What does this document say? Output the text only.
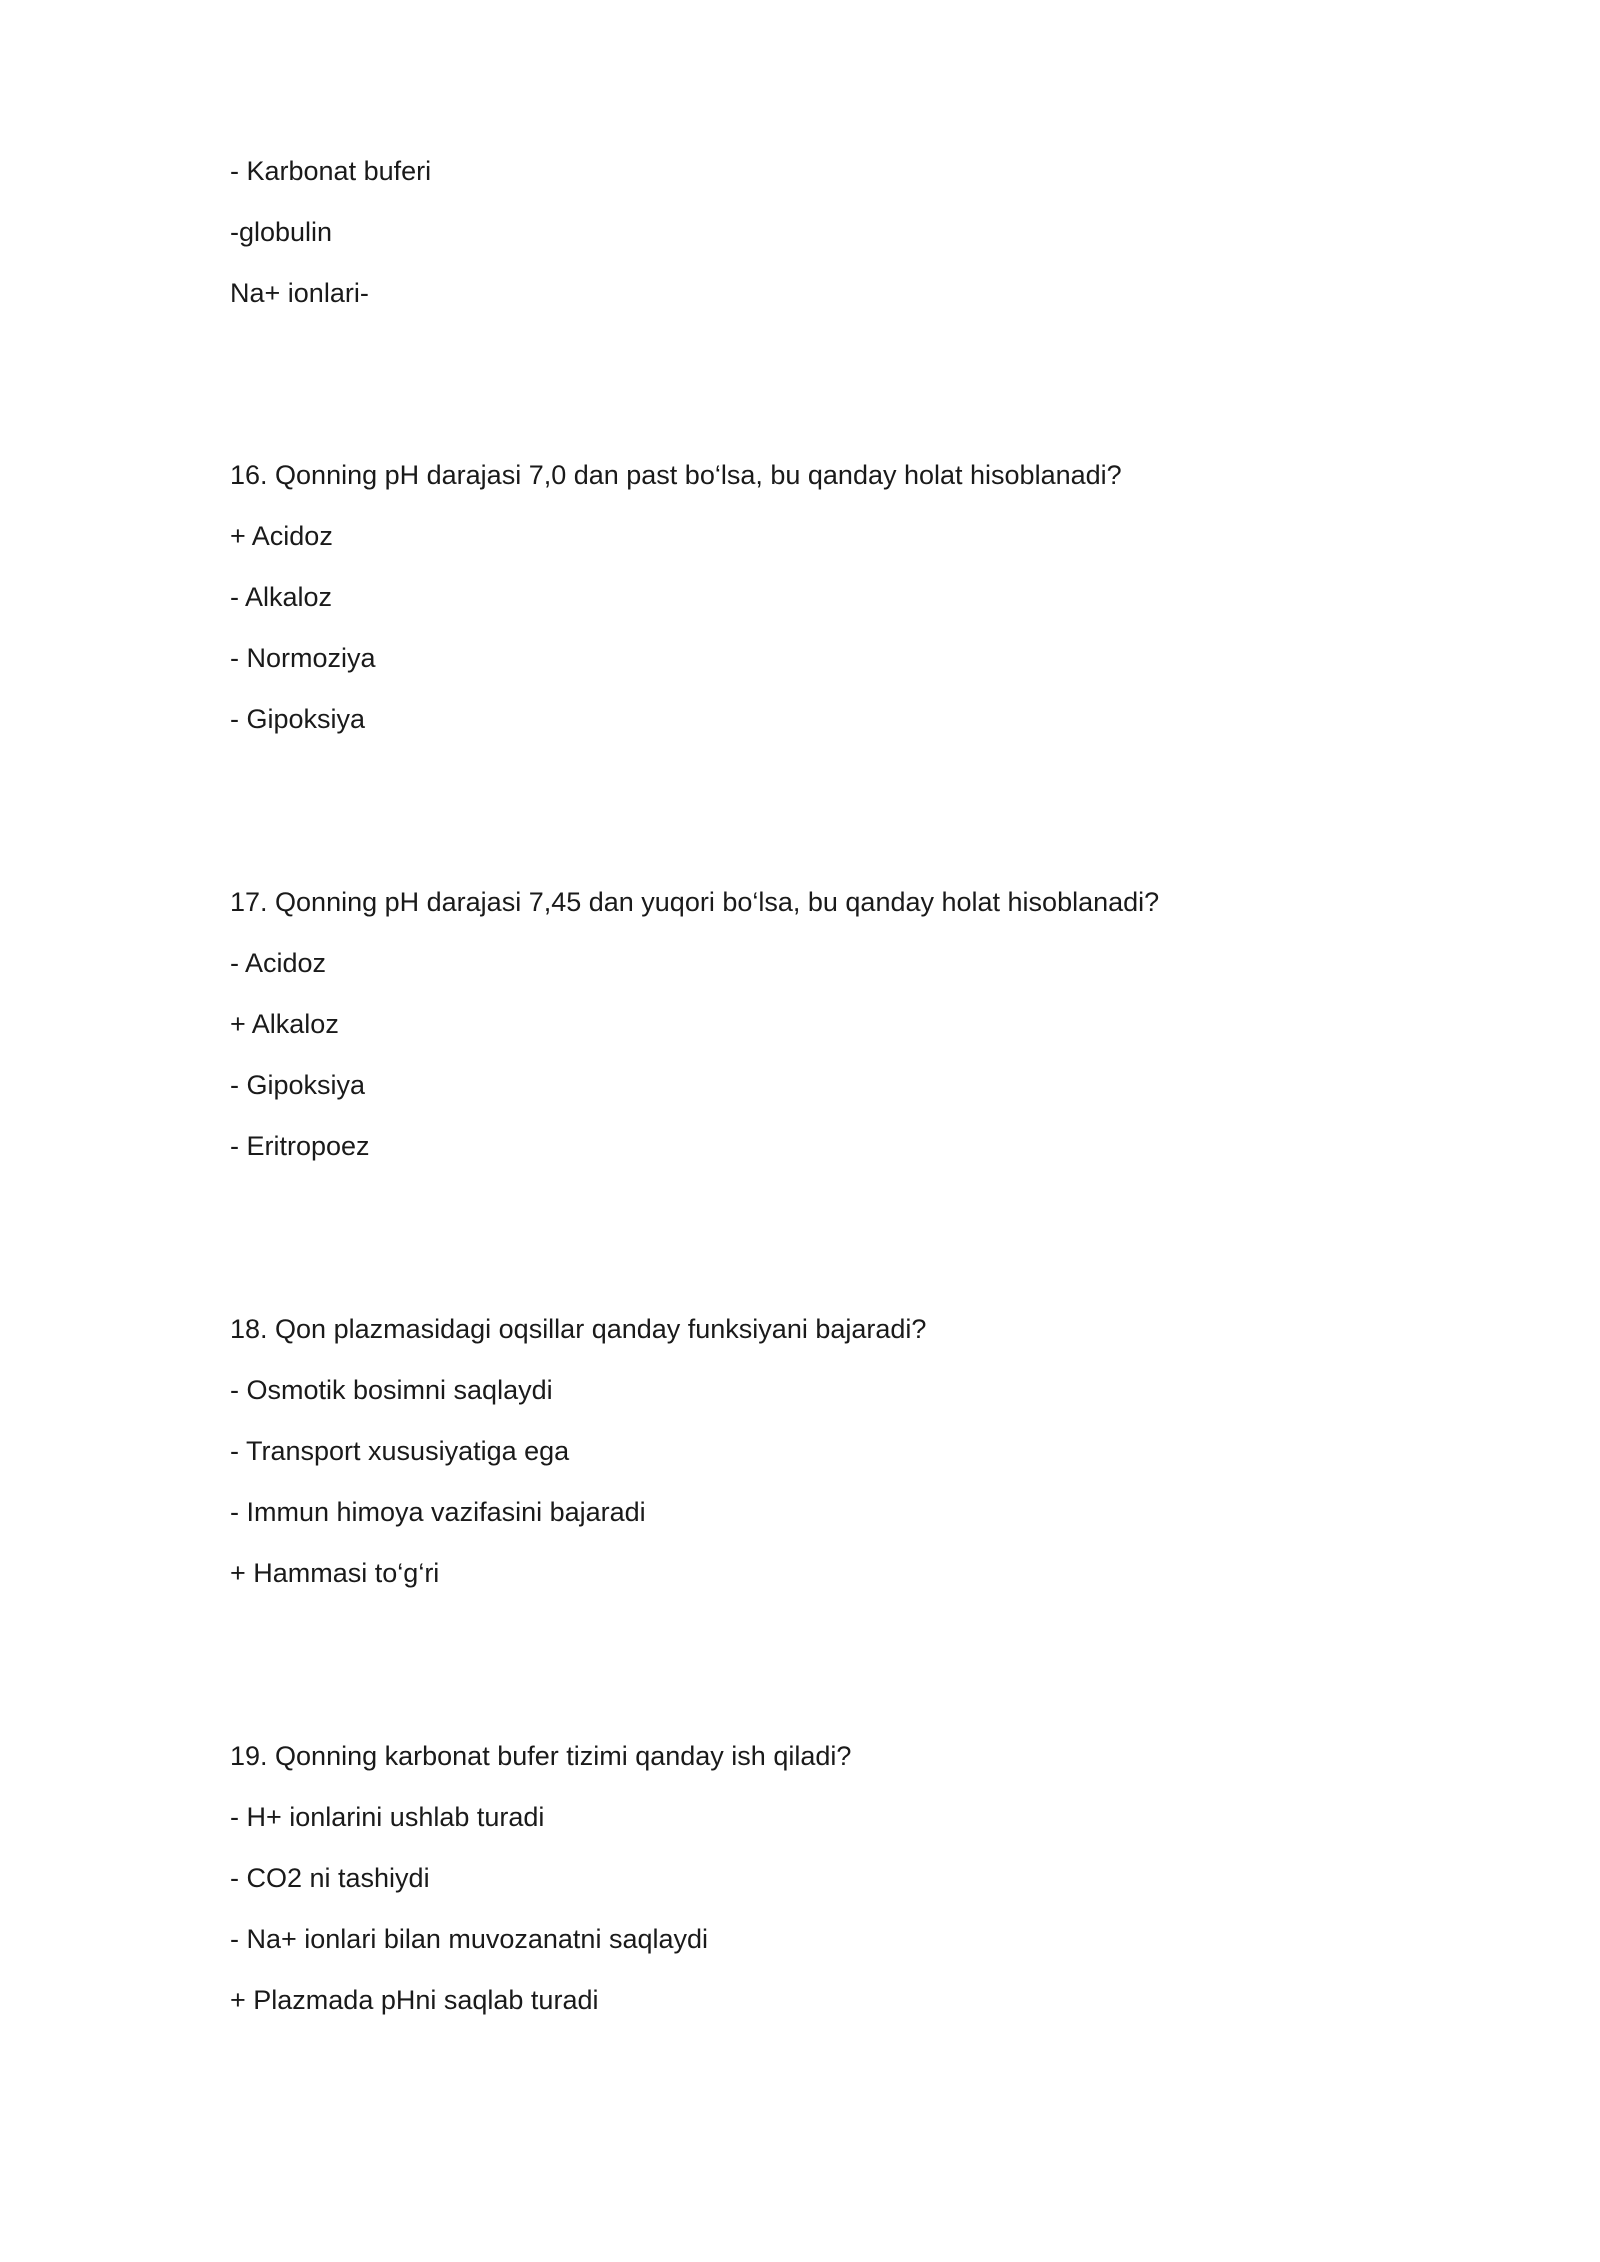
- Karbonat buferi
-globulin
Na+ ionlari-
16. Qonning pH darajasi 7,0 dan past bo‘lsa, bu qanday holat hisoblanadi?
+ Acidoz
- Alkaloz
- Normoziya
- Gipoksiya
17. Qonning pH darajasi 7,45 dan yuqori bo‘lsa, bu qanday holat hisoblanadi?
- Acidoz
+ Alkaloz
- Gipoksiya
- Eritropoez
18. Qon plazmasidagi oqsillar qanday funksiyani bajaradi?
- Osmotik bosimni saqlaydi
- Transport xususiyatiga ega
- Immun himoya vazifasini bajaradi
+ Hammasi to‘g‘ri
19. Qonning karbonat bufer tizimi qanday ish qiladi?
- H+ ionlarini ushlab turadi
- CO2 ni tashiydi
- Na+ ionlari bilan muvozanatni saqlaydi
+ Plazmada pHni saqlab turadi
